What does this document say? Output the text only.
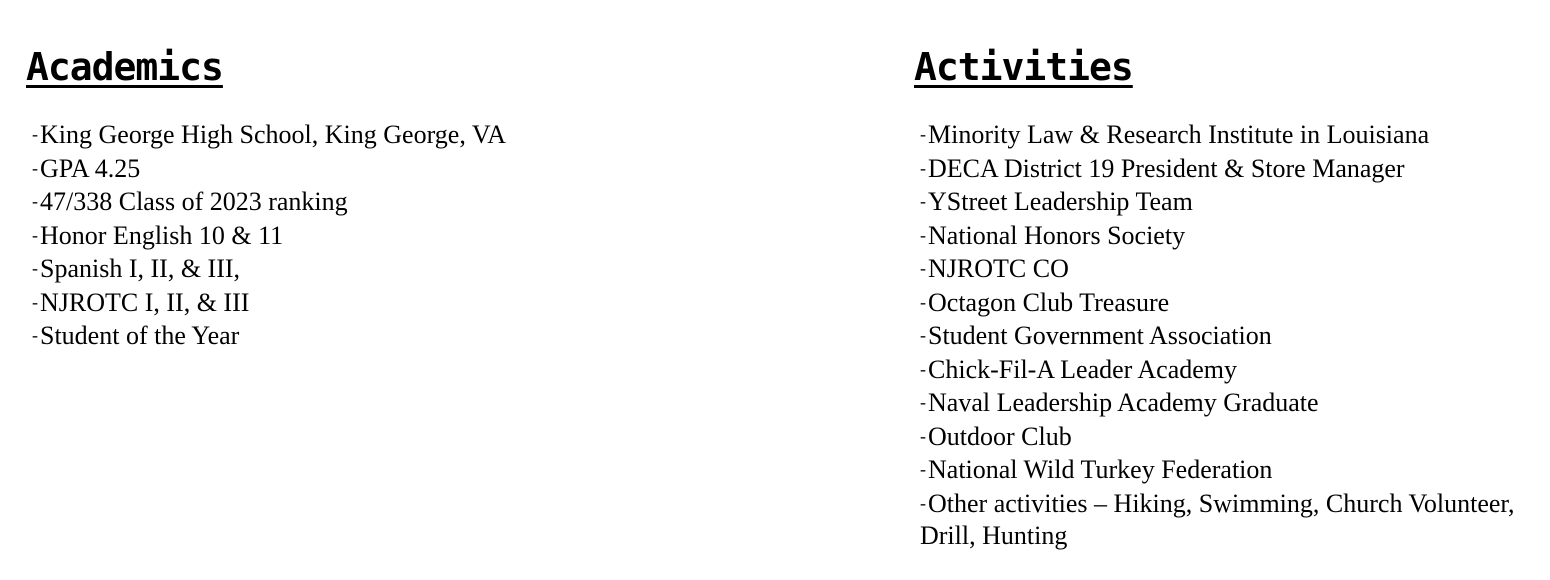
Academics
-King George High School, King George, VA
-GPA 4.25
-47/338 Class of 2023 ranking
-Honor English 10 & 11
-Spanish I, II, & III,
-NJROTC I, II, & III
-Student of the Year
Activities
-Minority Law & Research Institute in Louisiana
-DECA District 19 President & Store Manager
-YStreet Leadership Team
-National Honors Society
-NJROTC CO
-Octagon Club Treasure
-Student Government Association
-Chick-Fil-A Leader Academy
-Naval Leadership Academy Graduate
-Outdoor Club
-National Wild Turkey Federation
-Other activities – Hiking, Swimming, Church Volunteer, Drill, Hunting
